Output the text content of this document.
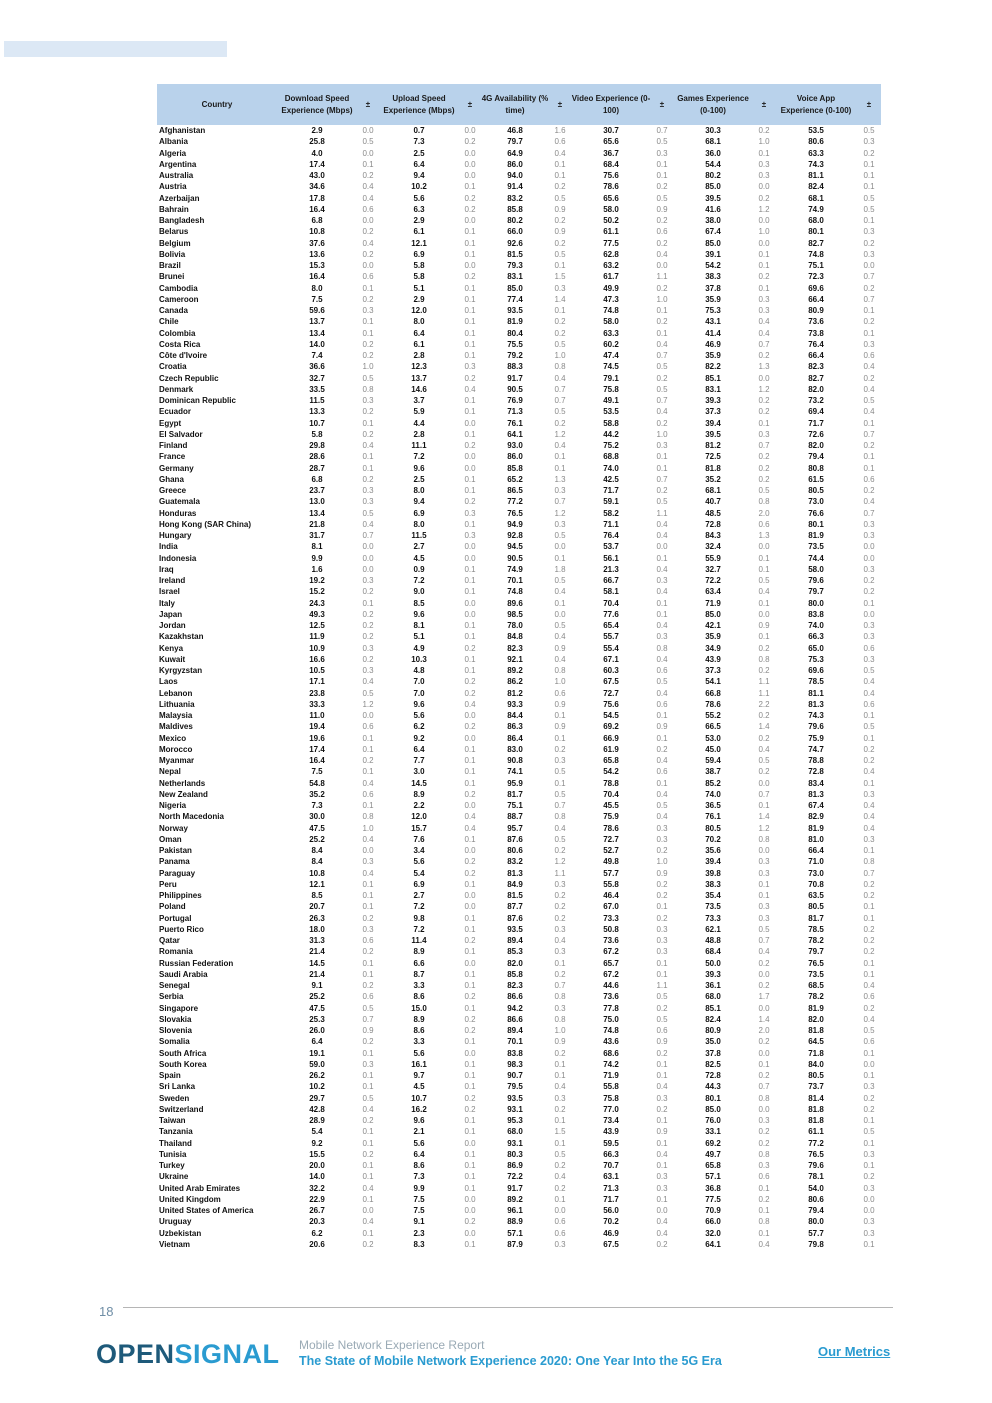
Country	Download Speed Experience (Mbps)	±	Upload Speed Experience (Mbps)	±	4G Availability (% time)	±	Video Experience (0-100)	±	Games Experience (0-100)	±	Voice App Experience (0-100)	±
Afghanistan	2.9	0.0	0.7	0.0	46.8	1.6	30.7	0.7	30.3	0.2	53.5	0.5
Albania	25.8	0.5	7.3	0.2	79.7	0.6	65.6	0.5	68.1	1.0	80.6	0.3
Algeria	4.0	0.0	2.5	0.0	64.9	0.4	36.7	0.3	36.0	0.1	63.3	0.2
Argentina	17.4	0.1	6.4	0.0	86.0	0.1	68.4	0.1	54.4	0.3	74.3	0.1
Australia	43.0	0.2	9.4	0.0	94.0	0.1	75.6	0.1	80.2	0.3	81.1	0.1
Austria	34.6	0.4	10.2	0.1	91.4	0.2	78.6	0.2	85.0	0.0	82.4	0.1
Azerbaijan	17.8	0.4	5.6	0.2	83.2	0.5	65.6	0.5	39.5	0.2	68.1	0.5
Bahrain	16.4	0.6	6.3	0.2	85.8	0.9	58.0	0.9	41.6	1.2	74.9	0.5
Bangladesh	6.8	0.0	2.9	0.0	80.2	0.2	50.2	0.2	38.0	0.0	68.0	0.1
Belarus	10.8	0.2	6.1	0.1	66.0	0.9	61.1	0.6	67.4	1.0	80.1	0.3
Belgium	37.6	0.4	12.1	0.1	92.6	0.2	77.5	0.2	85.0	0.0	82.7	0.2
Bolivia	13.6	0.2	6.9	0.1	81.5	0.5	62.8	0.4	39.1	0.1	74.8	0.3
Brazil	15.3	0.0	5.8	0.0	79.3	0.1	63.2	0.0	54.2	0.1	75.1	0.0
Brunei	16.4	0.6	5.8	0.2	83.1	1.5	61.7	1.1	38.3	0.2	72.3	0.7
Cambodia	8.0	0.1	5.1	0.1	85.0	0.3	49.9	0.2	37.8	0.1	69.6	0.2
Cameroon	7.5	0.2	2.9	0.1	77.4	1.4	47.3	1.0	35.9	0.3	66.4	0.7
Canada	59.6	0.3	12.0	0.1	93.5	0.1	74.8	0.1	75.3	0.3	80.9	0.1
Chile	13.7	0.1	8.0	0.1	81.9	0.2	58.0	0.2	43.1	0.4	73.6	0.2
Colombia	13.4	0.1	6.4	0.1	80.4	0.2	63.3	0.1	41.4	0.4	73.8	0.1
Costa Rica	14.0	0.2	6.1	0.1	75.5	0.5	60.2	0.4	46.9	0.7	76.4	0.3
Côte d'Ivoire	7.4	0.2	2.8	0.1	79.2	1.0	47.4	0.7	35.9	0.2	66.4	0.6
Croatia	36.6	1.0	12.3	0.3	88.3	0.8	74.5	0.5	82.2	1.3	82.3	0.4
Czech Republic	32.7	0.5	13.7	0.2	91.7	0.4	79.1	0.2	85.1	0.0	82.7	0.2
Denmark	33.5	0.8	14.6	0.4	90.5	0.7	75.8	0.5	83.1	1.2	82.0	0.4
Dominican Republic	11.5	0.3	3.7	0.1	76.9	0.7	49.1	0.7	39.3	0.2	73.2	0.5
Ecuador	13.3	0.2	5.9	0.1	71.3	0.5	53.5	0.4	37.3	0.2	69.4	0.4
Egypt	10.7	0.1	4.4	0.0	76.1	0.2	58.8	0.2	39.4	0.1	71.7	0.1
El Salvador	5.8	0.2	2.8	0.1	64.1	1.2	44.2	1.0	39.5	0.3	72.6	0.7
Finland	29.8	0.4	11.1	0.2	93.0	0.4	75.2	0.3	81.2	0.7	82.0	0.2
France	28.6	0.1	7.2	0.0	86.0	0.1	68.8	0.1	72.5	0.2	79.4	0.1
Germany	28.7	0.1	9.6	0.0	85.8	0.1	74.0	0.1	81.8	0.2	80.8	0.1
Ghana	6.8	0.2	2.5	0.1	65.2	1.3	42.5	0.7	35.2	0.2	61.5	0.6
Greece	23.7	0.3	8.0	0.1	86.5	0.3	71.7	0.2	68.1	0.5	80.5	0.2
Guatemala	13.0	0.3	9.4	0.2	77.2	0.7	59.1	0.5	40.7	0.8	73.0	0.4
Honduras	13.4	0.5	6.9	0.3	76.5	1.2	58.2	1.1	48.5	2.0	76.6	0.7
Hong Kong (SAR China)	21.8	0.4	8.0	0.1	94.9	0.3	71.1	0.4	72.8	0.6	80.1	0.3
Hungary	31.7	0.7	11.5	0.3	92.8	0.5	76.4	0.4	84.3	1.3	81.9	0.3
India	8.1	0.0	2.7	0.0	94.5	0.0	53.7	0.0	32.4	0.0	73.5	0.0
Indonesia	9.9	0.0	4.5	0.0	90.5	0.1	56.1	0.1	55.9	0.1	74.4	0.0
Iraq	1.6	0.0	0.9	0.1	74.9	1.8	21.3	0.4	32.7	0.1	58.0	0.3
Ireland	19.2	0.3	7.2	0.1	70.1	0.5	66.7	0.3	72.2	0.5	79.6	0.2
Israel	15.2	0.2	9.0	0.1	74.8	0.4	58.1	0.4	63.4	0.4	79.7	0.2
Italy	24.3	0.1	8.5	0.0	89.6	0.1	70.4	0.1	71.9	0.1	80.0	0.1
Japan	49.3	0.2	9.6	0.0	98.5	0.0	77.6	0.1	85.0	0.0	83.8	0.0
Jordan	12.5	0.2	8.1	0.1	78.0	0.5	65.4	0.4	42.1	0.9	74.0	0.3
Kazakhstan	11.9	0.2	5.1	0.1	84.8	0.4	55.7	0.3	35.9	0.1	66.3	0.3
Kenya	10.9	0.3	4.9	0.2	82.3	0.9	55.4	0.8	34.9	0.2	65.0	0.6
Kuwait	16.6	0.2	10.3	0.1	92.1	0.4	67.1	0.4	43.9	0.8	75.3	0.3
Kyrgyzstan	10.5	0.3	4.8	0.1	89.2	0.8	60.3	0.6	37.3	0.2	69.6	0.5
Laos	17.1	0.4	7.0	0.2	86.2	1.0	67.5	0.5	54.1	1.1	78.5	0.4
Lebanon	23.8	0.5	7.0	0.2	81.2	0.6	72.7	0.4	66.8	1.1	81.1	0.4
Lithuania	33.3	1.2	9.6	0.4	93.3	0.9	75.6	0.6	78.6	2.2	81.3	0.6
Malaysia	11.0	0.0	5.6	0.0	84.4	0.1	54.5	0.1	55.2	0.2	74.3	0.1
Maldives	19.4	0.6	6.2	0.2	86.3	0.9	69.2	0.9	66.5	1.4	79.6	0.5
Mexico	19.6	0.1	9.2	0.0	86.4	0.1	66.9	0.1	53.0	0.2	75.9	0.1
Morocco	17.4	0.1	6.4	0.1	83.0	0.2	61.9	0.2	45.0	0.4	74.7	0.2
Myanmar	16.4	0.2	7.7	0.1	90.8	0.3	65.8	0.4	59.4	0.5	78.8	0.2
Nepal	7.5	0.1	3.0	0.1	74.1	0.5	54.2	0.6	38.7	0.2	72.8	0.4
Netherlands	54.8	0.4	14.5	0.1	95.9	0.1	78.8	0.1	85.2	0.0	83.4	0.1
New Zealand	35.2	0.6	8.9	0.2	81.7	0.5	70.4	0.4	74.0	0.7	81.3	0.3
Nigeria	7.3	0.1	2.2	0.0	75.1	0.7	45.5	0.5	36.5	0.1	67.4	0.4
North Macedonia	30.0	0.8	12.0	0.4	88.7	0.8	75.9	0.4	76.1	1.4	82.9	0.4
Norway	47.5	1.0	15.7	0.4	95.7	0.4	78.6	0.3	80.5	1.2	81.9	0.4
Oman	25.2	0.4	7.6	0.1	87.6	0.5	72.7	0.3	70.2	0.8	81.0	0.3
Pakistan	8.4	0.0	3.4	0.0	80.6	0.2	52.7	0.2	35.6	0.0	66.4	0.1
Panama	8.4	0.3	5.6	0.2	83.2	1.2	49.8	1.0	39.4	0.3	71.0	0.8
Paraguay	10.8	0.4	5.4	0.2	81.3	1.1	57.7	0.9	39.8	0.3	73.0	0.7
Peru	12.1	0.1	6.9	0.1	84.9	0.3	55.8	0.2	38.3	0.1	70.8	0.2
Philippines	8.5	0.1	2.7	0.0	81.5	0.2	46.4	0.2	35.4	0.1	63.5	0.2
Poland	20.7	0.1	7.2	0.0	87.7	0.2	67.0	0.1	73.5	0.3	80.5	0.1
Portugal	26.3	0.2	9.8	0.1	87.6	0.2	73.3	0.2	73.3	0.3	81.7	0.1
Puerto Rico	18.0	0.3	7.2	0.1	93.5	0.3	50.8	0.3	62.1	0.5	78.5	0.2
Qatar	31.3	0.6	11.4	0.2	89.4	0.4	73.6	0.3	48.8	0.7	78.2	0.2
Romania	21.4	0.2	8.9	0.1	85.3	0.3	67.2	0.3	68.4	0.4	79.7	0.2
Russian Federation	14.5	0.1	6.6	0.0	82.0	0.1	65.7	0.1	50.0	0.2	76.5	0.1
Saudi Arabia	21.4	0.1	8.7	0.1	85.8	0.2	67.2	0.1	39.3	0.0	73.5	0.1
Senegal	9.1	0.2	3.3	0.1	82.3	0.7	44.6	1.1	36.1	0.2	68.5	0.4
Serbia	25.2	0.6	8.6	0.2	86.6	0.8	73.6	0.5	68.0	1.7	78.2	0.6
Singapore	47.5	0.5	15.0	0.1	94.2	0.3	77.8	0.2	85.1	0.0	81.9	0.2
Slovakia	25.3	0.7	8.9	0.2	86.6	0.8	75.0	0.5	82.4	1.4	82.0	0.4
Slovenia	26.0	0.9	8.6	0.2	89.4	1.0	74.8	0.6	80.9	2.0	81.8	0.5
Somalia	6.4	0.2	3.3	0.1	70.1	0.9	43.6	0.9	35.0	0.2	64.5	0.6
South Africa	19.1	0.1	5.6	0.0	83.8	0.2	68.6	0.2	37.8	0.0	71.8	0.1
South Korea	59.0	0.3	16.1	0.1	98.3	0.1	74.2	0.1	82.5	0.1	84.0	0.0
Spain	26.2	0.1	9.7	0.1	90.7	0.1	71.9	0.1	72.8	0.2	80.5	0.1
Sri Lanka	10.2	0.1	4.5	0.1	79.5	0.4	55.8	0.4	44.3	0.7	73.7	0.3
Sweden	29.7	0.5	10.7	0.2	93.5	0.3	75.8	0.3	80.1	0.8	81.4	0.2
Switzerland	42.8	0.4	16.2	0.2	93.1	0.2	77.0	0.2	85.0	0.0	81.8	0.2
Taiwan	28.9	0.2	9.6	0.1	95.3	0.1	73.4	0.1	76.0	0.3	81.8	0.1
Tanzania	5.4	0.1	2.1	0.1	68.0	1.5	43.9	0.9	33.1	0.2	61.1	0.5
Thailand	9.2	0.1	5.6	0.0	93.1	0.1	59.5	0.1	69.2	0.2	77.2	0.1
Tunisia	15.5	0.2	6.4	0.1	80.3	0.5	66.3	0.4	49.7	0.8	76.5	0.3
Turkey	20.0	0.1	8.6	0.1	86.9	0.2	70.7	0.1	65.8	0.3	79.6	0.1
Ukraine	14.0	0.1	7.3	0.1	72.2	0.4	63.1	0.3	57.1	0.6	78.1	0.2
United Arab Emirates	32.2	0.4	9.9	0.1	91.7	0.2	71.3	0.3	36.8	0.1	54.0	0.3
United Kingdom	22.9	0.1	7.5	0.0	89.2	0.1	71.7	0.1	77.5	0.2	80.6	0.0
United States of America	26.7	0.0	7.5	0.0	96.1	0.0	56.0	0.0	70.9	0.1	79.4	0.0
Uruguay	20.3	0.4	9.1	0.2	88.9	0.6	70.2	0.4	66.0	0.8	80.0	0.3
Uzbekistan	6.2	0.1	2.3	0.0	57.1	0.6	46.9	0.4	32.0	0.1	57.7	0.3
Vietnam	20.6	0.2	8.3	0.1	87.9	0.3	67.5	0.2	64.1	0.4	79.8	0.1
18
OPENSIGNAL Mobile Network Experience Report
The State of Mobile Network Experience 2020: One Year Into the 5G Era
Our Metrics
